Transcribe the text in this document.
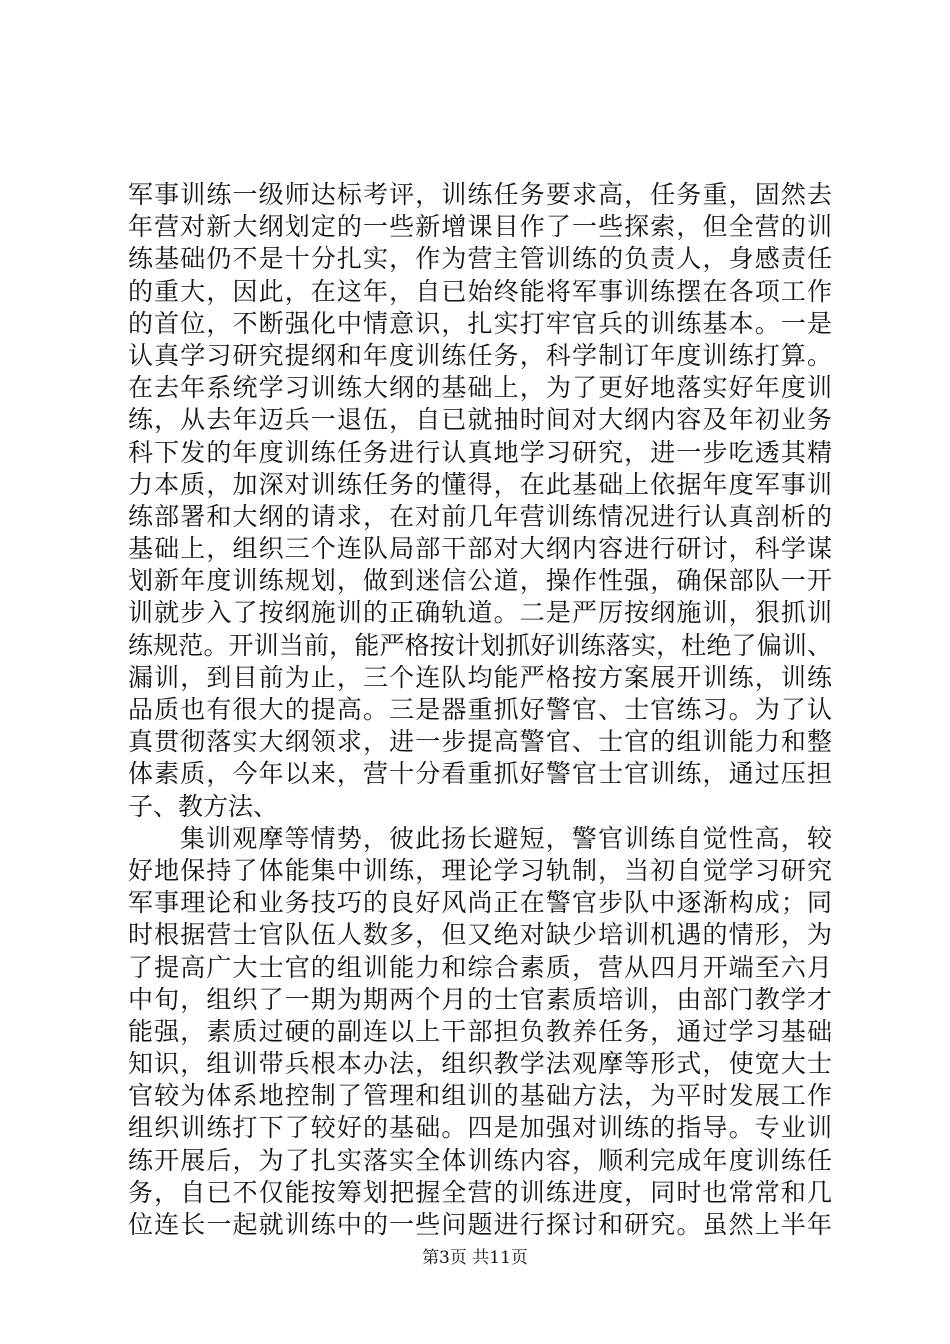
军事训练一级师达标考评，训练任务要求高，任务重，固然去
年营对新大纲划定的一些新增课目作了一些探索，但全营的训
练基础仍不是十分扎实，作为营主管训练的负责人，身感责任
的重大，因此，在这年，自已始终能将军事训练摆在各项工作
的首位，不断强化中情意识，扎实打牢官兵的训练基本。一是
认真学习研究提纲和年度训练任务，科学制订年度训练打算。
在去年系统学习训练大纲的基础上，为了更好地落实好年度训
练，从去年迈兵一退伍，自已就抽时间对大纲内容及年初业务
科下发的年度训练任务进行认真地学习研究，进一步吃透其精
力本质，加深对训练任务的懂得，在此基础上依据年度军事训
练部署和大纲的请求，在对前几年营训练情况进行认真剖析的
基础上，组织三个连队局部干部对大纲内容进行研讨，科学谋
划新年度训练规划，做到迷信公道，操作性强，确保部队一开
训就步入了按纲施训的正确轨道。二是严厉按纲施训，狠抓训
练规范。开训当前，能严格按计划抓好训练落实，杜绝了偏训、
漏训，到目前为止，三个连队均能严格按方案展开训练，训练
品质也有很大的提高。三是器重抓好警官、士官练习。为了认
真贯彻落实大纲领求，进一步提高警官、士官的组训能力和整
体素质，今年以来，营十分看重抓好警官士官训练，通过压担
子、教方法、
集训观摩等情势，彼此扬长避短，警官训练自觉性高，较
好地保持了体能集中训练，理论学习轨制，当初自觉学习研究
军事理论和业务技巧的良好风尚正在警官步队中逐渐构成；同
时根据营士官队伍人数多，但又绝对缺少培训机遇的情形，为
了提高广大士官的组训能力和综合素质，营从四月开端至六月
中旬，组织了一期为期两个月的士官素质培训，由部门教学才
能强，素质过硬的副连以上干部担负教养任务，通过学习基础
知识，组训带兵根本办法，组织教学法观摩等形式，使宽大士
官较为体系地控制了管理和组训的基础方法，为平时发展工作
组织训练打下了较好的基础。四是加强对训练的指导。专业训
练开展后，为了扎实落实全体训练内容，顺利完成年度训练任
务，自已不仅能按筹划把握全营的训练进度，同时也常常和几
位连长一起就训练中的一些问题进行探讨和研究。虽然上半年
第3页 共11页
